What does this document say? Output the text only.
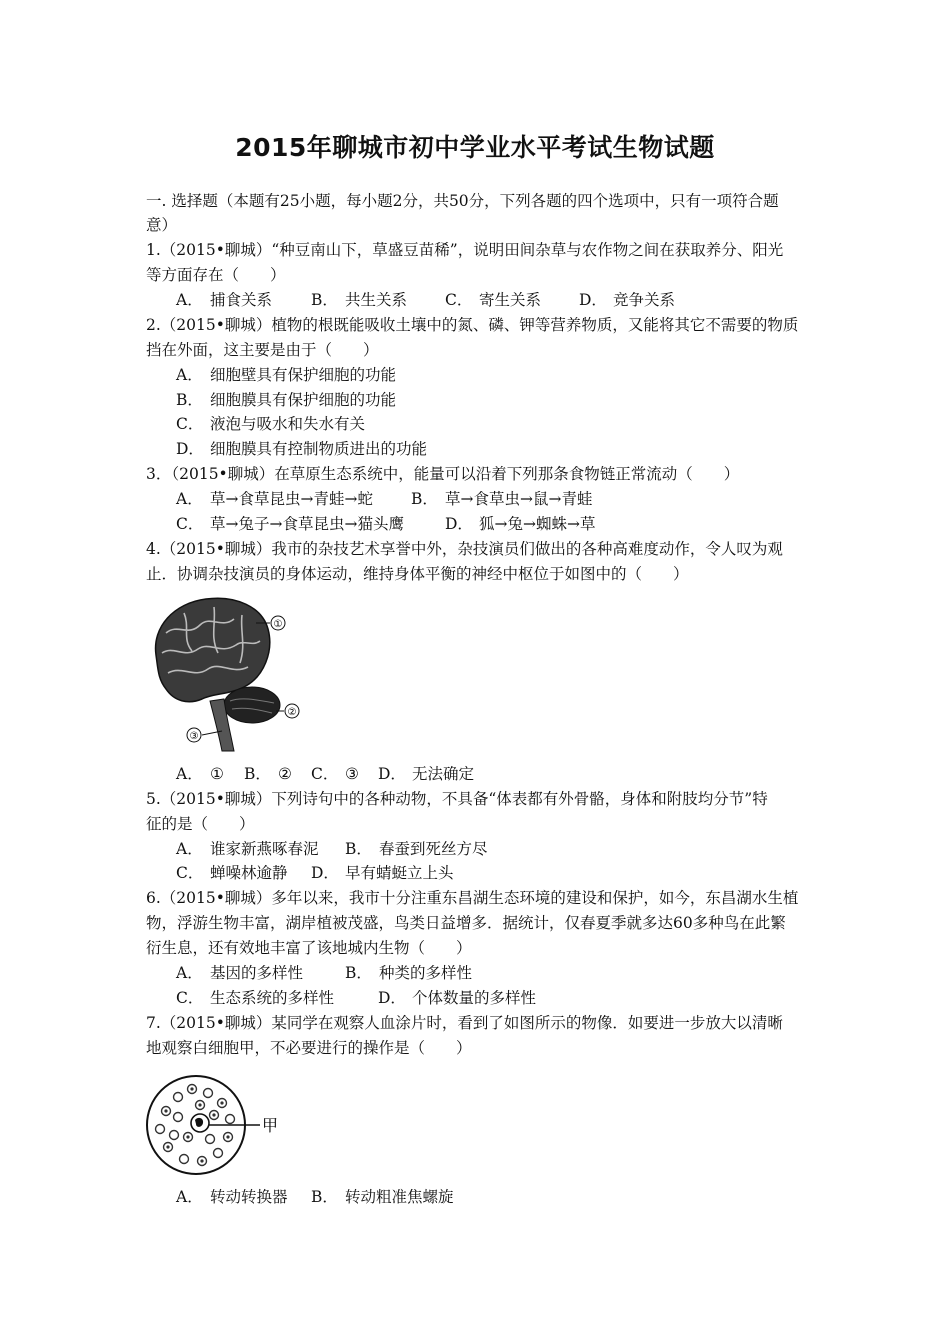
2015年聊城市初中学业水平考试生物试题
一. 选择题（本题有25小题，每小题2分，共50分，下列各题的四个选项中，只有一项符合题
意）
1.（2015•聊城）“种豆南山下，草盛豆苗稀”，说明田间杂草与农作物之间在获取养分、阳光
等方面存在（　　）
A． 捕食关系	B． 共生关系 C． 寄生关系 D． 竞争关系
2.（2015•聊城）植物的根既能吸收土壤中的氮、磷、钾等营养物质，又能将其它不需要的物质
挡在外面，这主要是由于（　　）
A． 细胞壁具有保护细胞的功能
B． 细胞膜具有保护细胞的功能
C． 液泡与吸水和失水有关
D． 细胞膜具有控制物质进出的功能
3．（2015•聊城）在草原生态系统中，能量可以沿着下列那条食物链正常流动（　　）
A． 草→食草昆虫→青蛙→蛇 B． 草→食草虫→鼠→青蛙
C． 草→兔子→食草昆虫→猫头鹰	D． 狐→兔→蜘蛛→草
4.（2015•聊城）我市的杂技艺术享誉中外，杂技演员们做出的各种高难度动作，令人叹为观
止．协调杂技演员的身体运动，维持身体平衡的神经中枢位于如图中的（　　）
①
②
③
A． ① B． ② C． ③ D． 无法确定
5.（2015•聊城）下列诗句中的各种动物，不具备“体表都有外骨骼，身体和附肢均分节”特
征的是（　　）
A． 谁家新燕啄春泥 B． 春蚕到死丝方尽
C． 蝉噪林逾静 D． 早有蜻蜓立上头
6.（2015•聊城）多年以来，我市十分注重东昌湖生态环境的建设和保护，如今，东昌湖水生植
物，浮游生物丰富，湖岸植被茂盛，鸟类日益增多．据统计，仅春夏季就多达60多种鸟在此繁
衍生息，还有效地丰富了该地城内生物（　　）
A． 基因的多样性	B． 种类的多样性
C． 生态系统的多样性	D． 个体数量的多样性
7.（2015•聊城）某同学在观察人血涂片时，看到了如图所示的物像．如要进一步放大以清晰
地观察白细胞甲，不必要进行的操作是（　　）
甲
A． 转动转换器 B． 转动粗准焦螺旋
